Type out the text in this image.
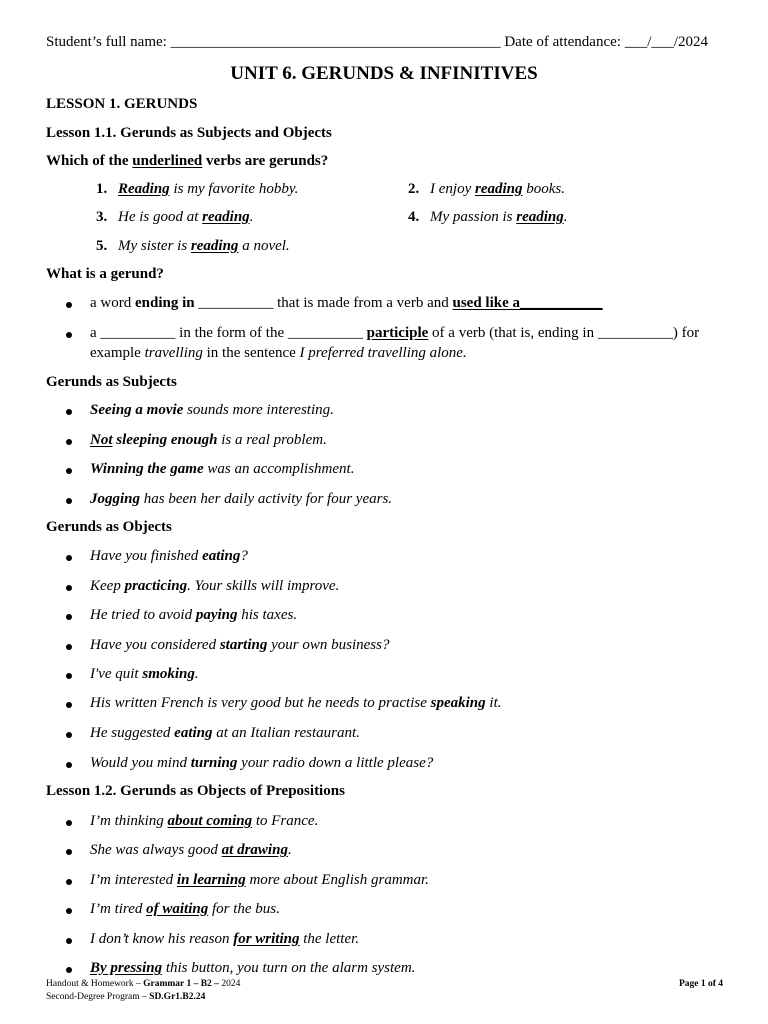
Student’s full name: ____________________________________________ Date of attendance: ___/___/2024
UNIT 6. GERUNDS & INFINITIVES
LESSON 1. GERUNDS
Lesson 1.1. Gerunds as Subjects and Objects
Which of the underlined verbs are gerunds?
1. Reading is my favorite hobby.	2. I enjoy reading books.
3. He is good at reading.	4. My passion is reading.
5. My sister is reading a novel.
What is a gerund?
a word ending in __________ that is made from a verb and used like a___________
a __________ in the form of the __________ participle of a verb (that is, ending in __________) for
example travelling in the sentence I preferred travelling alone.
Gerunds as Subjects
Seeing a movie sounds more interesting.
Not sleeping enough is a real problem.
Winning the game was an accomplishment.
Jogging has been her daily activity for four years.
Gerunds as Objects
Have you finished eating?
Keep practicing. Your skills will improve.
He tried to avoid paying his taxes.
Have you considered starting your own business?
I've quit smoking.
His written French is very good but he needs to practise speaking it.
He suggested eating at an Italian restaurant.
Would you mind turning your radio down a little please?
Lesson 1.2. Gerunds as Objects of Prepositions
I’m thinking about coming to France.
She was always good at drawing.
I’m interested in learning more about English grammar.
I’m tired of waiting for the bus.
I don’t know his reason for writing the letter.
By pressing this button, you turn on the alarm system.
Handout & Homework – Grammar 1 – B2 – 2024
Second-Degree Program – SD.Gr1.B2.24
Page 1 of 4
